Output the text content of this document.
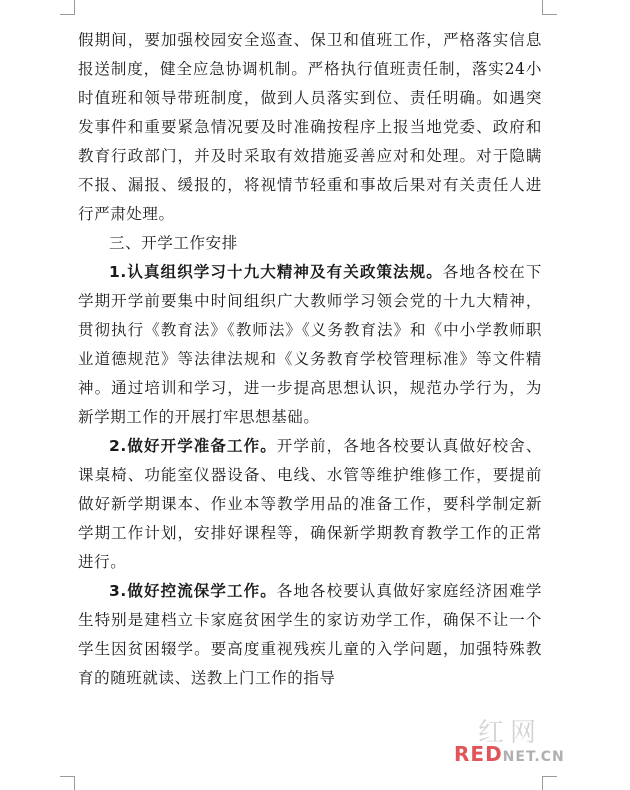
假期间，要加强校园安全巡查、保卫和值班工作，严格落实信息报送制度，健全应急协调机制。严格执行值班责任制，落实24小时值班和领导带班制度，做到人员落实到位、责任明确。如遇突发事件和重要紧急情况要及时准确按程序上报当地党委、政府和教育行政部门，并及时采取有效措施妥善应对和处理。对于隐瞒不报、漏报、缓报的，将视情节轻重和事故后果对有关责任人进行严肃处理。

三、开学工作安排

1.认真组织学习十九大精神及有关政策法规。各地各校在下学期开学前要集中时间组织广大教师学习领会党的十九大精神，贯彻执行《教育法》《教师法》《义务教育法》和《中小学教师职业道德规范》等法律法规和《义务教育学校管理标准》等文件精神。通过培训和学习，进一步提高思想认识，规范办学行为，为新学期工作的开展打牢思想基础。

2.做好开学准备工作。开学前，各地各校要认真做好校舍、课桌椅、功能室仪器设备、电线、水管等维护维修工作，要提前做好新学期课本、作业本等教学用品的准备工作，要科学制定新学期工作计划，安排好课程等，确保新学期教育教学工作的正常进行。

3.做好控流保学工作。各地各校要认真做好家庭经济困难学生特别是建档立卡家庭贫困学生的家访劝学工作，确保不让一个学生因贫困辍学。要高度重视残疾儿童的入学问题，加强特殊教育的随班就读、送教上门工作的指导

红网
REDNET.CN
